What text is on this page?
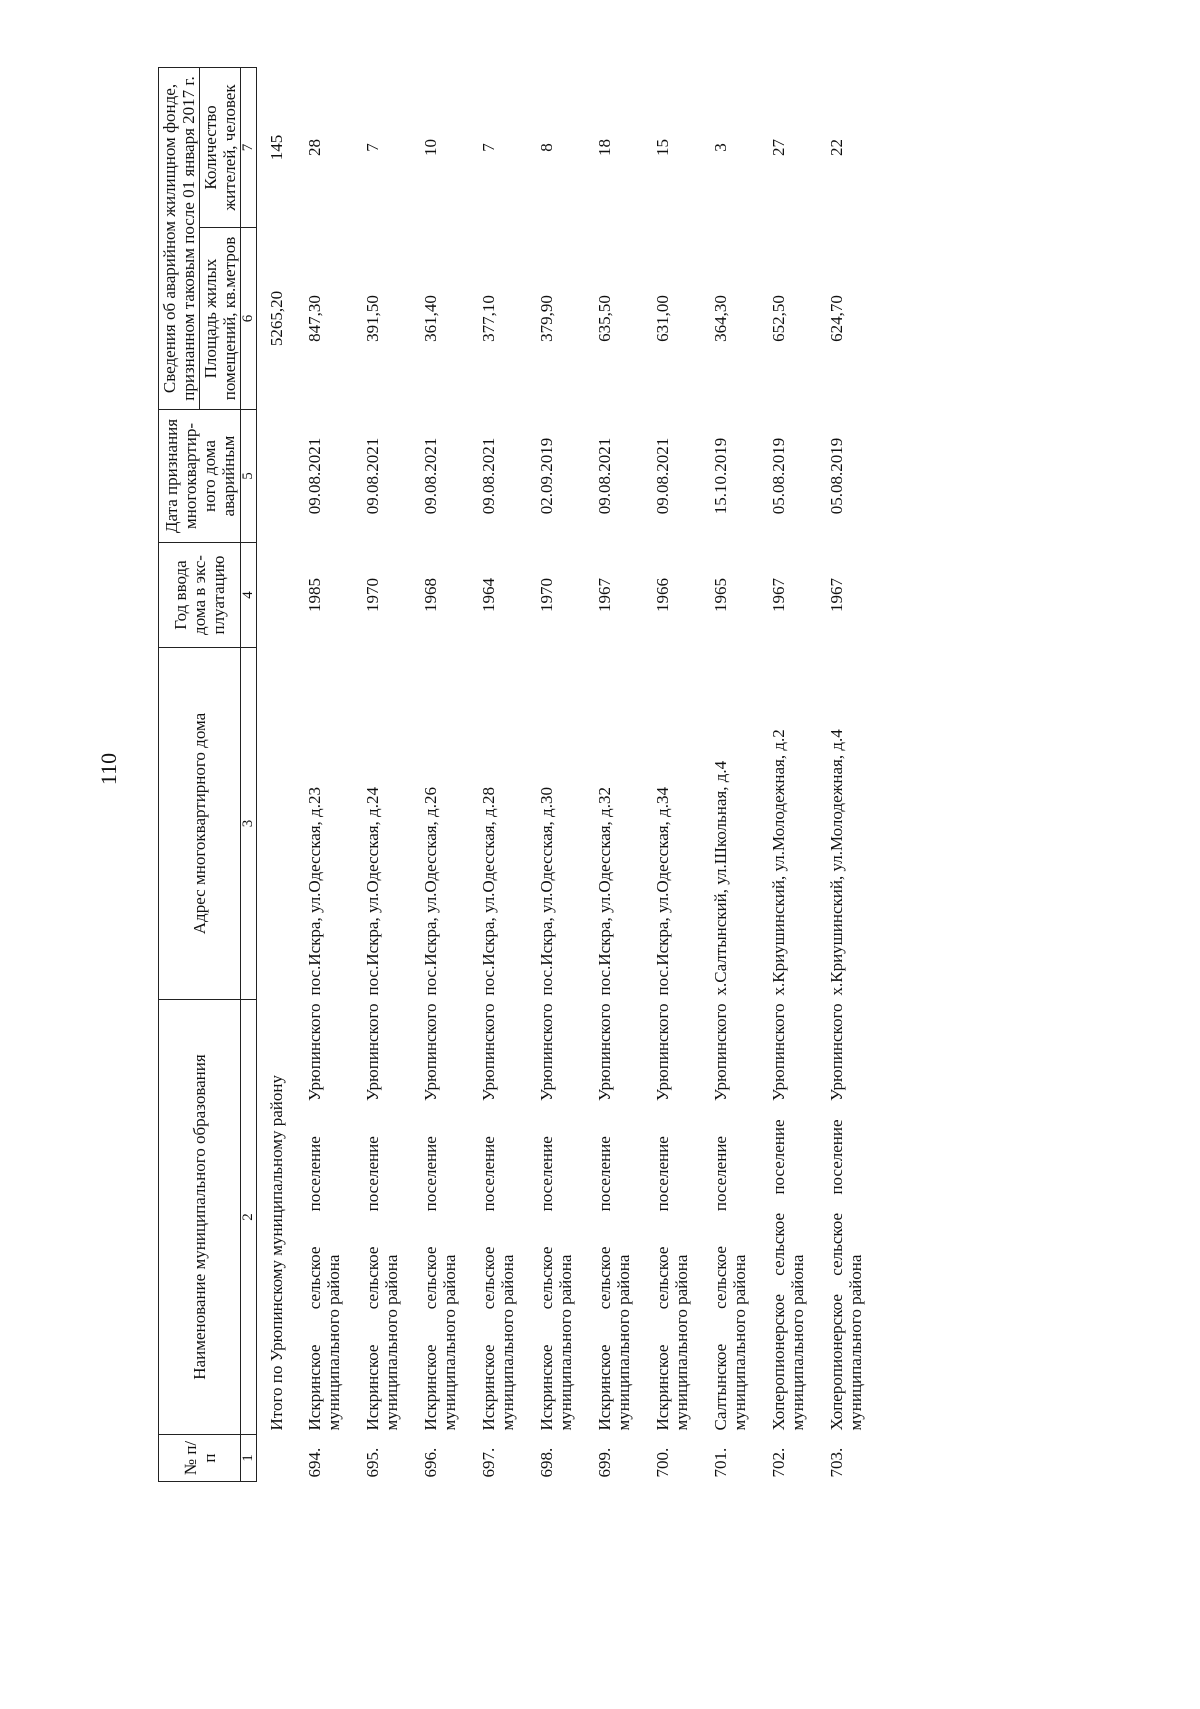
110
№ п/п	Наименование муниципального образования	Адрес многоквартирного дома	Год ввода дома в экс-плуатацию	Дата признания многоквартир-ного дома аварийным	Сведения об аварийном жилищном фонде, признанном таковым после 01 января 2017 г.	
					Площадь жилых помещений, кв.метров	Количество жителей, человек
1	2	3	4	5	6	7
	Итого по Урюпинскому муниципальному району				5265,20	145
694.	Искринское сельское поселение Урюпинского муниципального района	пос.Искра, ул.Одесская, д.23	1985	09.08.2021	847,30	28
695.	Искринское сельское поселение Урюпинского муниципального района	пос.Искра, ул.Одесская, д.24	1970	09.08.2021	391,50	7
696.	Искринское сельское поселение Урюпинского муниципального района	пос.Искра, ул.Одесская, д.26	1968	09.08.2021	361,40	10
697.	Искринское сельское поселение Урюпинского муниципального района	пос.Искра, ул.Одесская, д.28	1964	09.08.2021	377,10	7
698.	Искринское сельское поселение Урюпинского муниципального района	пос.Искра, ул.Одесская, д.30	1970	02.09.2019	379,90	8
699.	Искринское сельское поселение Урюпинского муниципального района	пос.Искра, ул.Одесская, д.32	1967	09.08.2021	635,50	18
700.	Искринское сельское поселение Урюпинского муниципального района	пос.Искра, ул.Одесская, д.34	1966	09.08.2021	631,00	15
701.	Салтынское сельское поселение Урюпинского муниципального района	х.Салтынский, ул.Школьная, д.4	1965	15.10.2019	364,30	3
702.	Хоперопионерское сельское поселение Урюпинского муниципального района	х.Криушинский, ул.Молодежная, д.2	1967	05.08.2019	652,50	27
703.	Хоперопионерское сельское поселение Урюпинского муниципального района	х.Криушинский, ул.Молодежная, д.4	1967	05.08.2019	624,70	22
